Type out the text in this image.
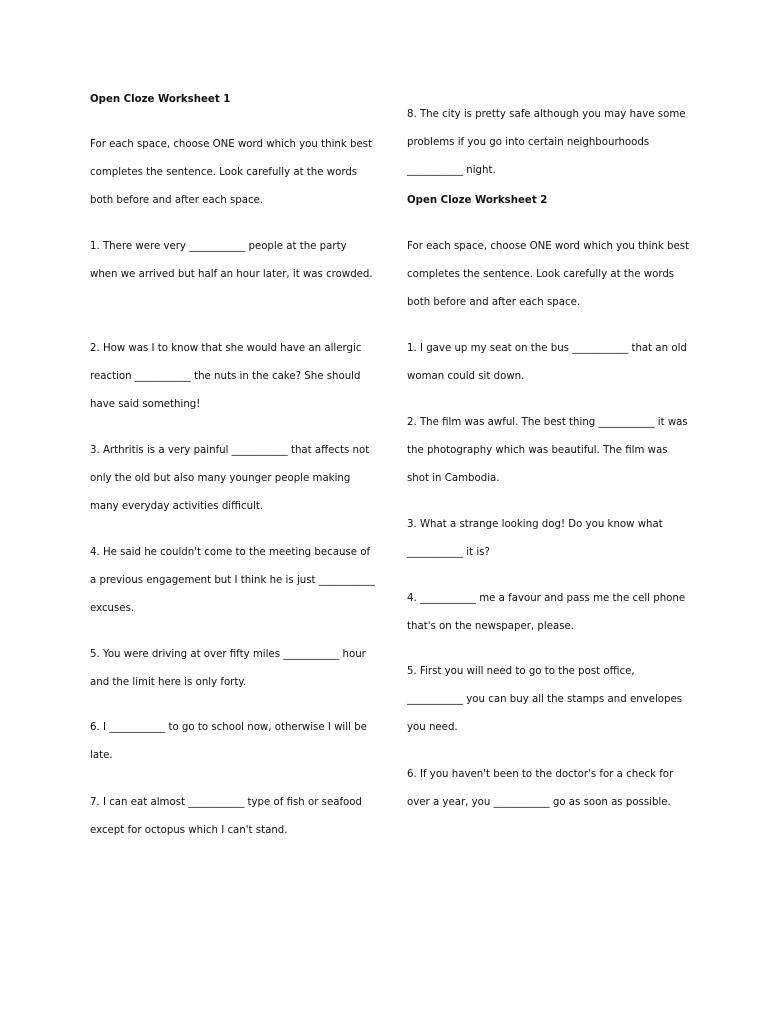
Open Cloze Worksheet 1

For each space, choose ONE word which you think best completes the sentence. Look carefully at the words both before and after each space.

1. There were very ___________ people at the party when we arrived but half an hour later, it was crowded.

2. How was I to know that she would have an allergic reaction ___________ the nuts in the cake? She should have said something!

3. Arthritis is a very painful ___________ that affects not only the old but also many younger people making many everyday activities difficult.

4. He said he couldn't come to the meeting because of a previous engagement but I think he is just ___________ excuses.

5. You were driving at over fifty miles ___________ hour and the limit here is only forty.

6. I ___________ to go to school now, otherwise I will be late.

7. I can eat almost ___________ type of fish or seafood except for octopus which I can't stand.

8. The city is pretty safe although you may have some problems if you go into certain neighbourhoods ___________ night.

Open Cloze Worksheet 2

For each space, choose ONE word which you think best completes the sentence. Look carefully at the words both before and after each space.

1. I gave up my seat on the bus ___________ that an old woman could sit down.

2. The film was awful. The best thing ___________ it was the photography which was beautiful. The film was shot in Cambodia.

3. What a strange looking dog! Do you know what ___________ it is?

4. ___________ me a favour and pass me the cell phone that's on the newspaper, please.

5. First you will need to go to the post office, ___________ you can buy all the stamps and envelopes you need.

6. If you haven't been to the doctor's for a check for over a year, you ___________ go as soon as possible.
